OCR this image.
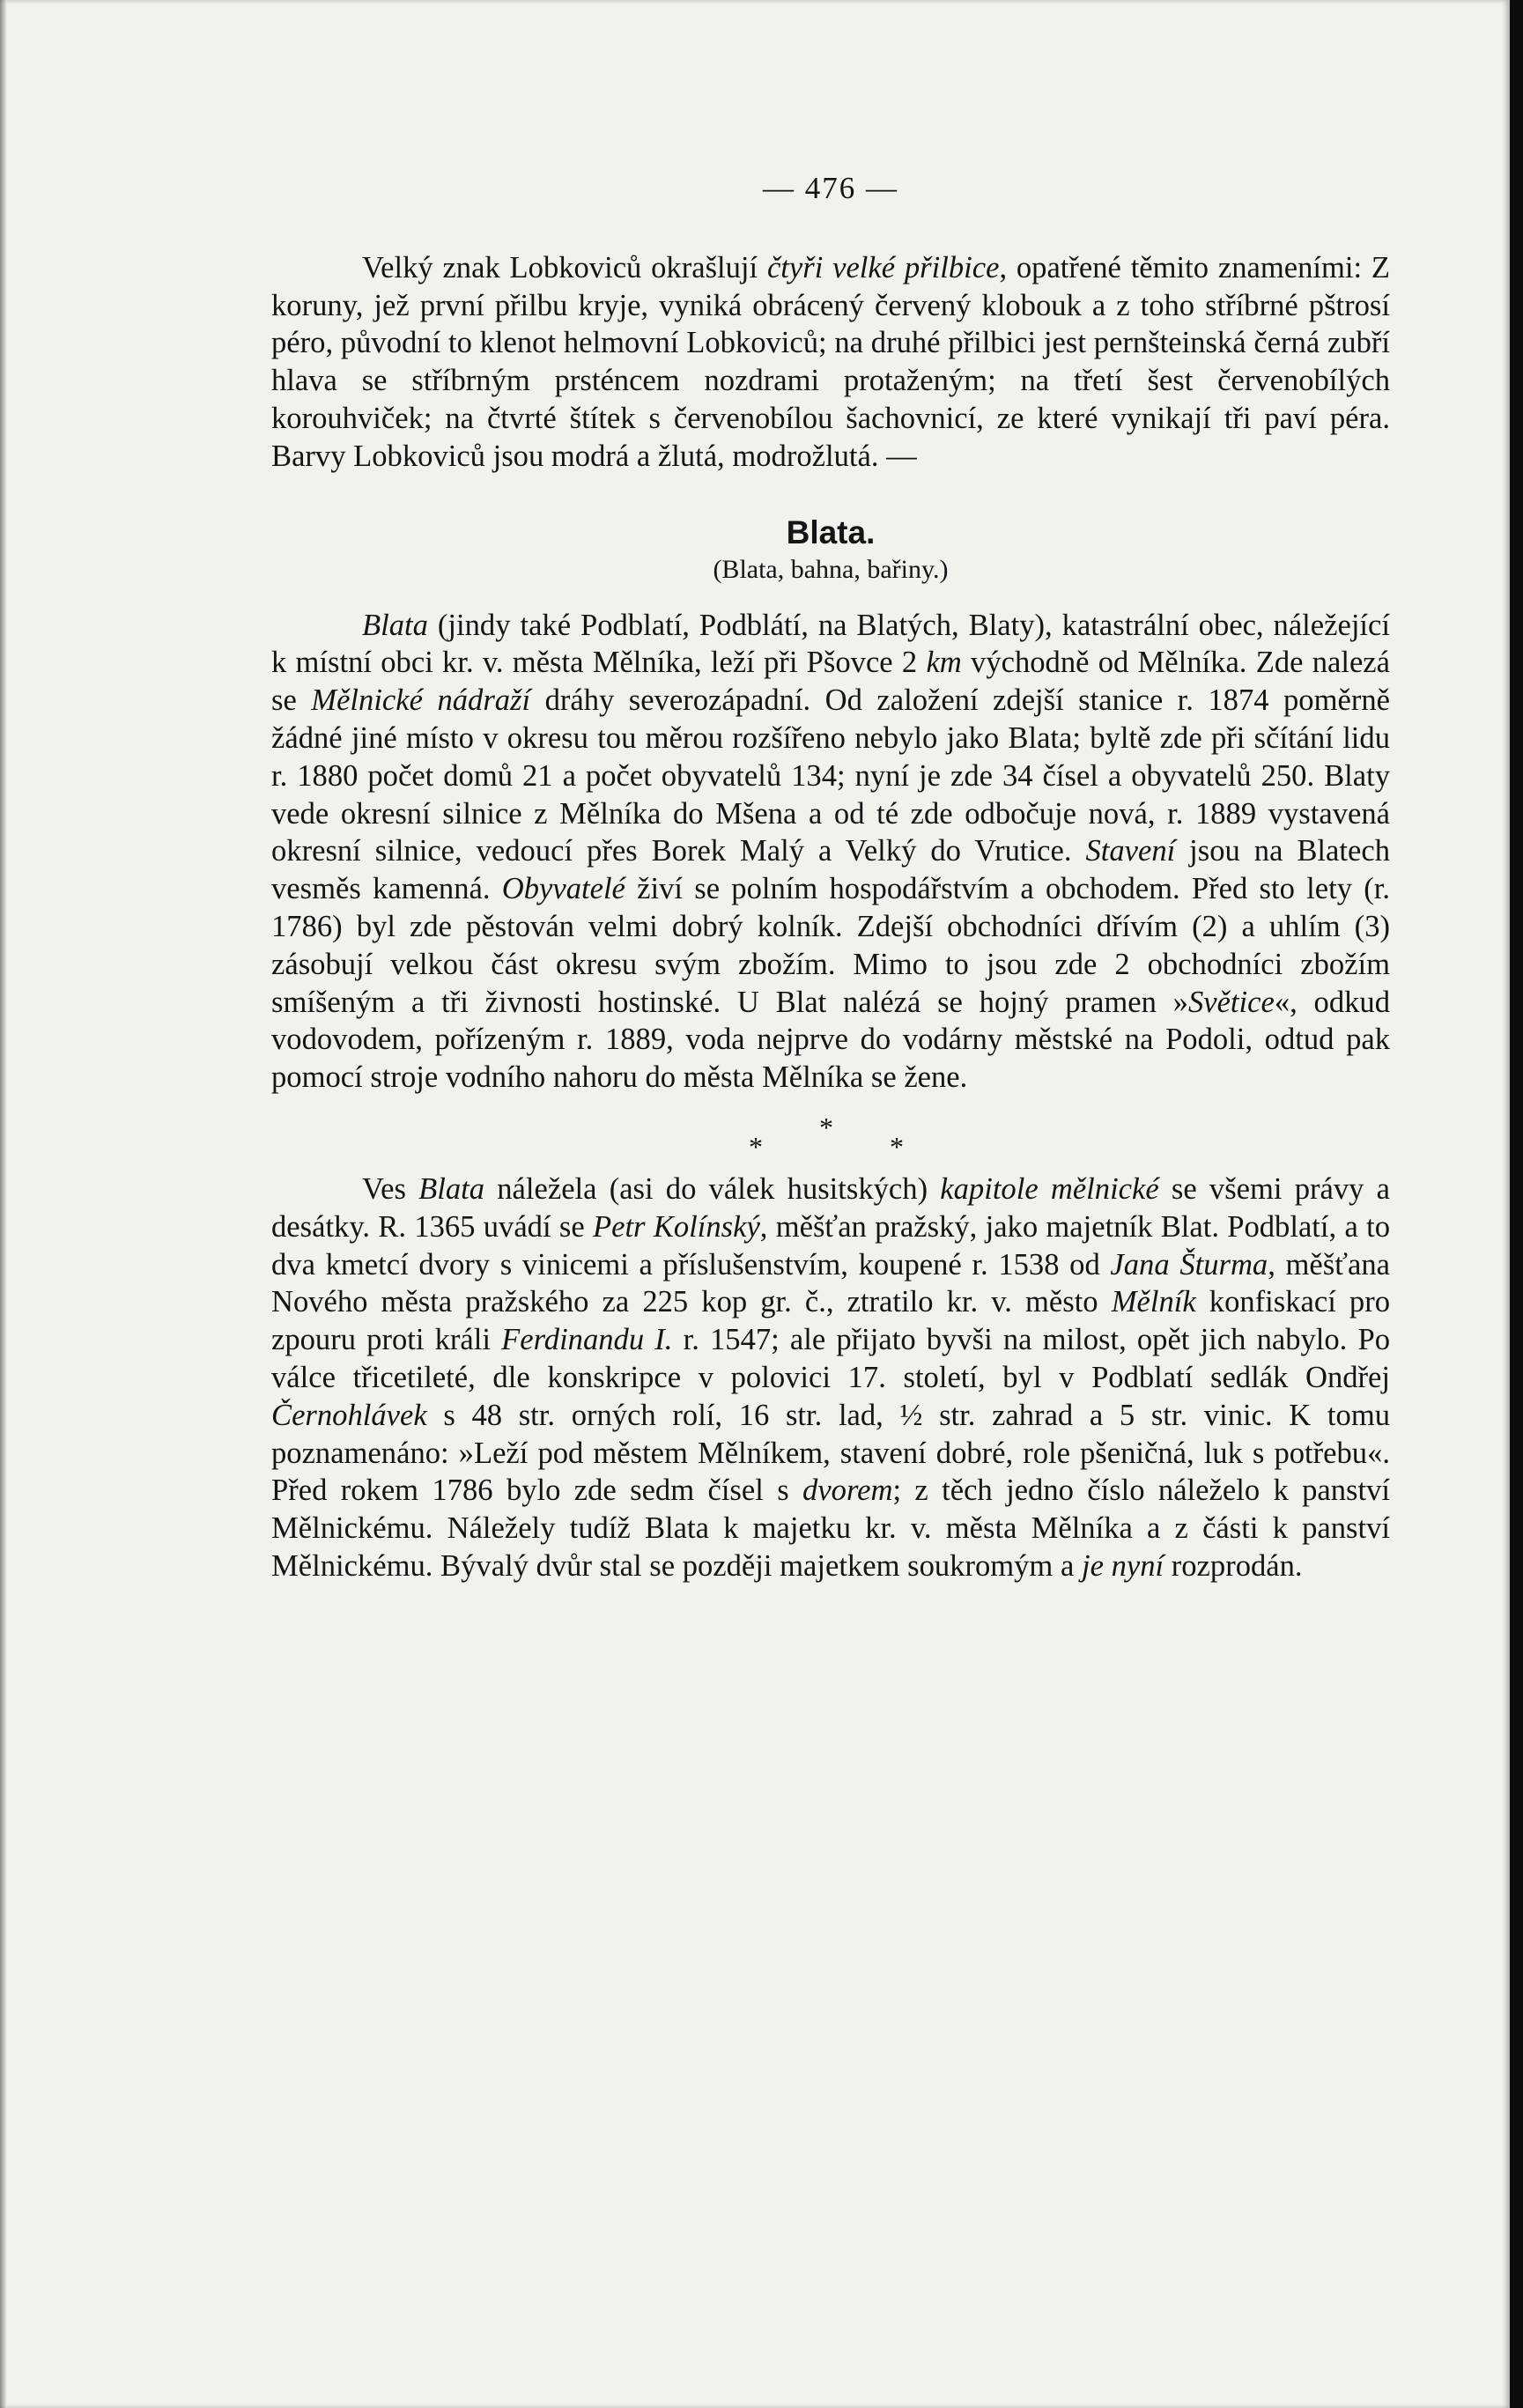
— 476 —

Velký znak Lobkoviců okrašlují čtyři velké přilbice, opatřené těmito znameními: Z koruny, jež první přilbu kryje, vyniká obrácený červený klobouk a z toho stříbrné pštrosí péro, původní to klenot helmovní Lobkoviců; na druhé přilbici jest pernšteinská černá zubří hlava se stříbrným prsténcem nozdrami protaženým; na třetí šest červenobílých korouhviček; na čtvrté štítek s červenobílou šachovnicí, ze které vynikají tři paví péra. Barvy Lobkoviců jsou modrá a žlutá, modrožlutá. —

Blata.
(Blata, bahna, bařiny.)

Blata (jindy také Podblatí, Podblátí, na Blatých, Blaty), katastrální obec, náležející k místní obci kr. v. města Mělníka, leží při Pšovce 2 km východně od Mělníka. Zde nalezá se Mělnické nádraží dráhy severozápadní. Od založení zdejší stanice r. 1874 poměrně žádné jiné místo v okresu tou měrou rozšířeno nebylo jako Blata; byltě zde při sčítání lidu r. 1880 počet domů 21 a počet obyvatelů 134; nyní je zde 34 čísel a obyvatelů 250. Blaty vede okresní silnice z Mělníka do Mšena a od té zde odbočuje nová, r. 1889 vystavená okresní silnice, vedoucí přes Borek Malý a Velký do Vrutice. Stavení jsou na Blatech vesměs kamenná. Obyvatelé živí se polním hospodářstvím a obchodem. Před sto lety (r. 1786) byl zde pěstován velmi dobrý kolník. Zdejší obchodníci dřívím (2) a uhlím (3) zásobují velkou část okresu svým zbožím. Mimo to jsou zde 2 obchodníci zbožím smíšeným a tři živnosti hostinské. U Blat nalézá se hojný pramen »Světice«, odkud vodovodem, pořízeným r. 1889, voda nejprve do vodárny městské na Podoli, odtud pak pomocí stroje vodního nahoru do města Mělníka se žene.

*
*
*

Ves Blata náležela (asi do válek husitských) kapitole mělnické se všemi právy a desátky. R. 1365 uvádí se Petr Kolínský, měšťan pražský, jako majetník Blat. Podblatí, a to dva kmetcí dvory s vinicemi a příslušenstvím, koupené r. 1538 od Jana Šturma, měšťana Nového města pražského za 225 kop gr. č., ztratilo kr. v. město Mělník konfiskací pro zpouru proti králi Ferdinandu I. r. 1547; ale přijato byvši na milost, opět jich nabylo. Po válce třicetileté, dle konskripce v polovici 17. století, byl v Podblatí sedlák Ondřej Černohlávek s 48 str. orných rolí, 16 str. lad, ½ str. zahrad a 5 str. vinic. K tomu poznamenáno: »Leží pod městem Mělníkem, stavení dobré, role pšeničná, luk s potřebu«. Před rokem 1786 bylo zde sedm čísel s dvorem; z těch jedno číslo náleželo k panství Mělnickému. Náležely tudíž Blata k majetku kr. v. města Mělníka a z části k panství Mělnickému. Bývalý dvůr stal se později majetkem soukromým a je nyní rozprodán.
